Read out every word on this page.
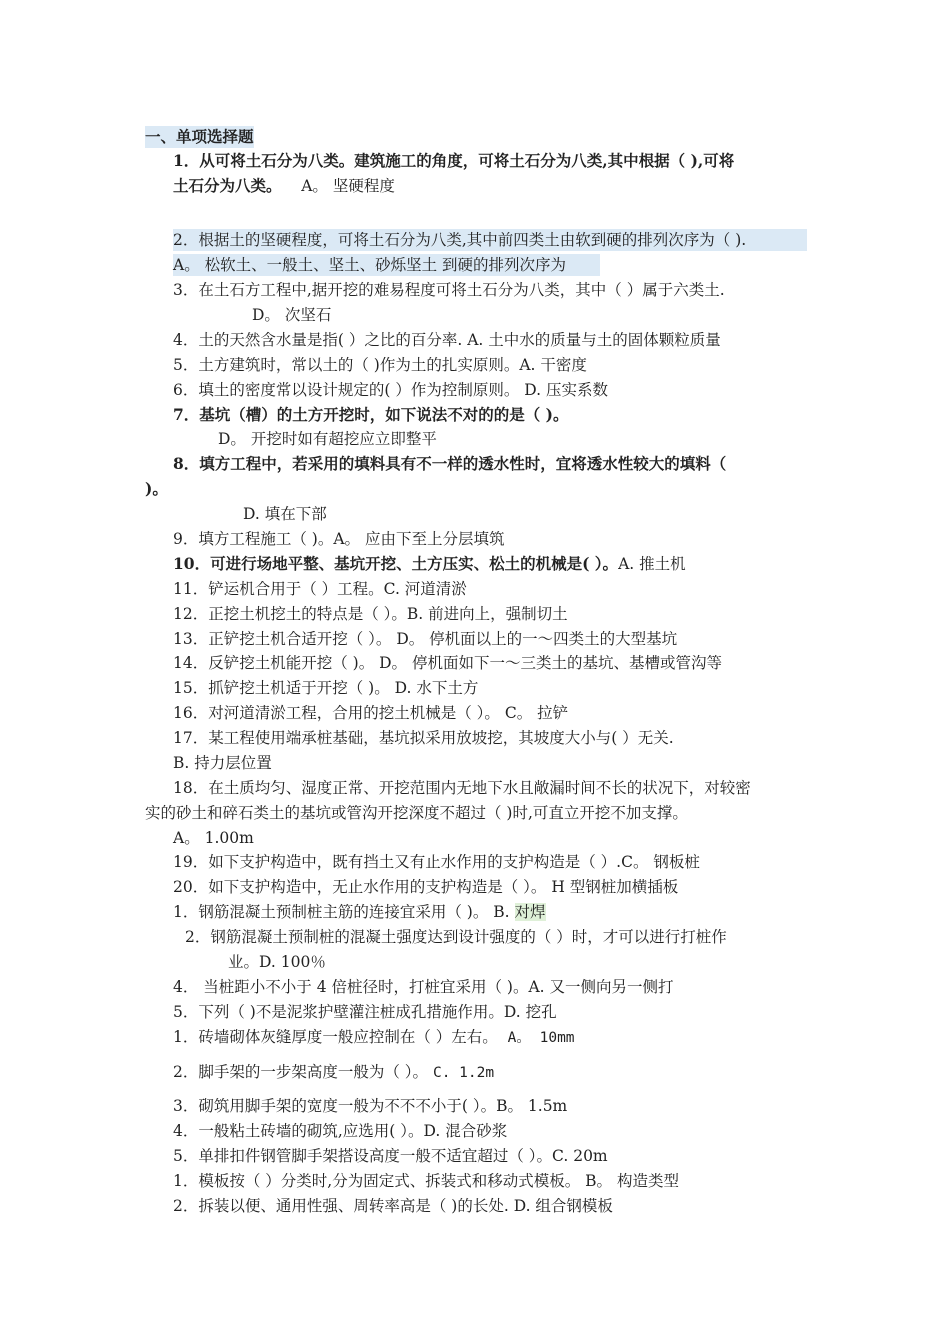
一、单项选择题
1．从可将土石分为八类。建筑施工的角度，可将土石分为八类,其中根据（ ),可将
土石分为八类。 A。 坚硬程度
2．根据土的坚硬程度，可将土石分为八类,其中前四类土由软到硬的排列次序为（ ).
A。 松软土、一般土、坚土、砂烁坚土 到硬的排列次序为
3．在土石方工程中,据开挖的难易程度可将土石分为八类，其中（ ）属于六类土.
D。 次坚石
4．土的天然含水量是指( ）之比的百分率. A. 土中水的质量与土的固体颗粒质量
5．土方建筑时，常以土的（ )作为土的扎实原则。A. 干密度
6．填土的密度常以设计规定的( ）作为控制原则。 D. 压实系数
7．基坑（槽）的土方开挖时，如下说法不对的的是（ )。
D。 开挖时如有超挖应立即整平
8．填方工程中，若采用的填料具有不一样的透水性时，宜将透水性较大的填料（
)。
D. 填在下部
9．填方工程施工（ )。A。 应由下至上分层填筑
10．可进行场地平整、基坑开挖、土方压实、松土的机械是( ）。A. 推土机
11．铲运机合用于（ ）工程。C. 河道清淤
12．正挖土机挖土的特点是（ ）。B. 前进向上，强制切土
13．正铲挖土机合适开挖（ ）。 D。 停机面以上的一～四类土的大型基坑
14．反铲挖土机能开挖（ )。 D。 停机面如下一～三类土的基坑、基槽或管沟等
15．抓铲挖土机适于开挖（ )。 D. 水下土方
16．对河道清淤工程，合用的挖土机械是（ ）。 C。 拉铲
17．某工程使用端承桩基础，基坑拟采用放坡挖，其坡度大小与( ）无关.
B. 持力层位置
18．在土质均匀、湿度正常、开挖范围内无地下水且敞漏时间不长的状况下，对较密
实的砂土和碎石类土的基坑或管沟开挖深度不超过（ )时,可直立开挖不加支撑。
A。 1.00m
19．如下支护构造中，既有挡土又有止水作用的支护构造是（ ）.C。 钢板桩
20．如下支护构造中，无止水作用的支护构造是（ ）。 H 型钢桩加横插板
1．钢筋混凝土预制桩主筋的连接宜采用（ )。 B. 对焊
2．钢筋混凝土预制桩的混凝土强度达到设计强度的（ ）时，才可以进行打桩作
业。D. 100％
4． 当桩距小不小于 4 倍桩径时，打桩宜采用（ )。A. 又一侧向另一侧打
5．下列（ )不是泥浆护壁灌注桩成孔措施作用。D. 挖孔
1．砖墙砌体灰缝厚度一般应控制在（ ）左右。 A。 10mm
2．脚手架的一步架高度一般为（ ）。 C. 1.2m
3．砌筑用脚手架的宽度一般为不不不小于( ）。B。 1.5m
4．一般粘土砖墙的砌筑,应选用( ）。D. 混合砂浆
5．单排扣件钢管脚手架搭设高度一般不适宜超过（ ）。C. 20m
1．模板按（ ）分类时,分为固定式、拆装式和移动式模板。 B。 构造类型
2．拆装以便、通用性强、周转率高是（ )的长处. D. 组合钢模板
